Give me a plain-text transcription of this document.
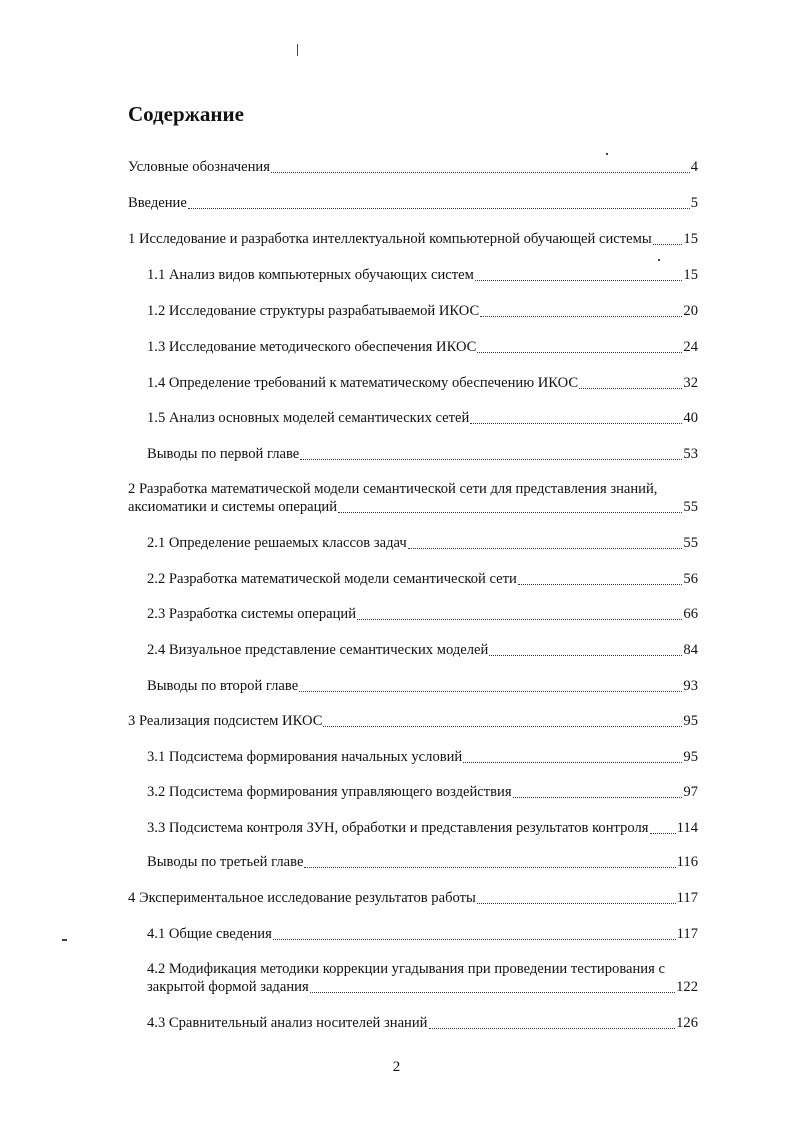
Содержание
Условные обозначения	4
Введение	5
1 Исследование и разработка интеллектуальной компьютерной обучающей системы 15
1.1 Анализ видов компьютерных обучающих систем	15
1.2 Исследование структуры разрабатываемой ИКОС	20
1.3 Исследование методического обеспечения ИКОС	24
1.4 Определение требований к математическому обеспечению ИКОС	32
1.5 Анализ основных моделей семантических сетей	40
Выводы по первой главе	53
2 Разработка математической модели семантической сети для представления знаний,
аксиоматики и системы операций	55
2.1 Определение решаемых классов задач	55
2.2 Разработка математической модели семантической сети	56
2.3 Разработка системы операций	66
2.4 Визуальное представление семантических моделей	84
Выводы по второй главе	93
3 Реализация подсистем ИКОС	95
3.1 Подсистема формирования начальных условий	95
3.2 Подсистема формирования управляющего воздействия	97
3.3 Подсистема контроля ЗУН, обработки и представления результатов контроля 114
Выводы по третьей главе	116
4 Экспериментальное исследование результатов работы	117
4.1 Общие сведения	117
4.2 Модификация методики коррекции угадывания при проведении тестирования с
закрытой формой задания	122
4.3 Сравнительный анализ носителей знаний	126
2
